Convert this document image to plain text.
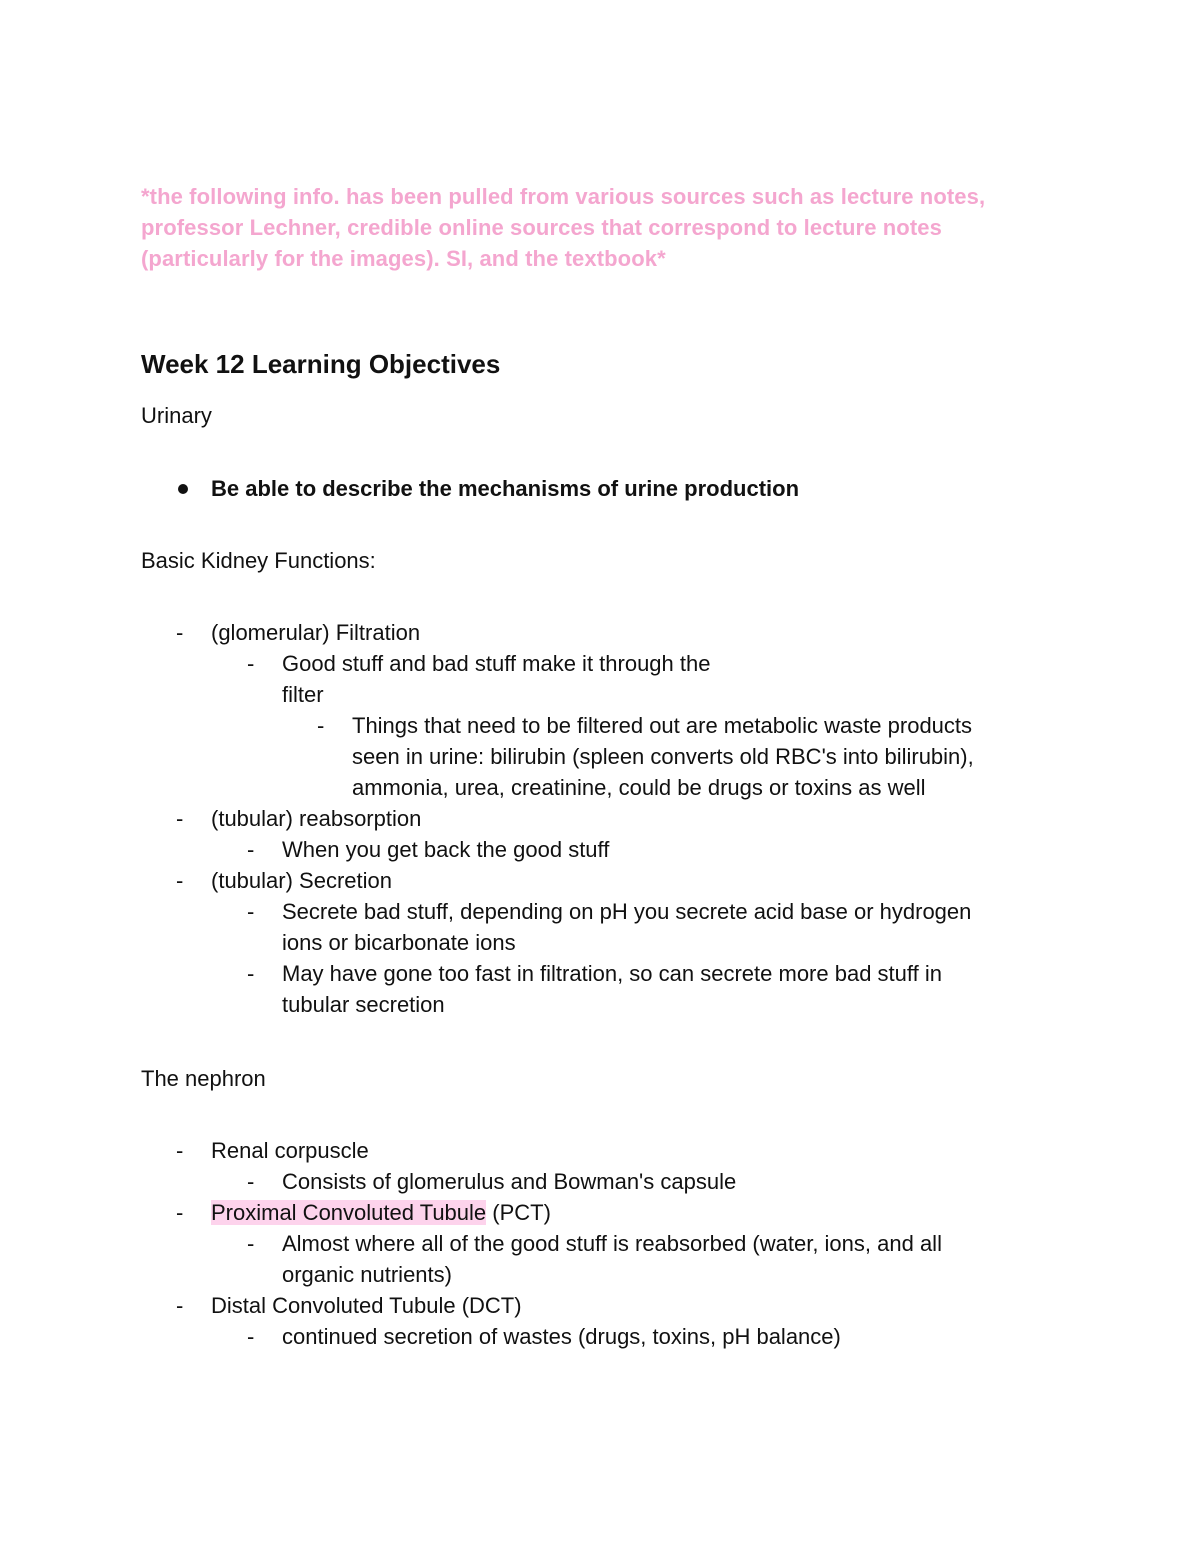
*the following info. has been pulled from various sources such as lecture notes,
professor Lechner, credible online sources that correspond to lecture notes
(particularly for the images). SI, and the textbook*
Week 12 Learning Objectives
Urinary
Be able to describe the mechanisms of urine production
Basic Kidney Functions:
- (glomerular) Filtration
- Good stuff and bad stuff make it through the
filter
- Things that need to be filtered out are metabolic waste products
seen in urine: bilirubin (spleen converts old RBC's into bilirubin),
ammonia, urea, creatinine, could be drugs or toxins as well
- (tubular) reabsorption
- When you get back the good stuff
- (tubular) Secretion
- Secrete bad stuff, depending on pH you secrete acid base or hydrogen
ions or bicarbonate ions
- May have gone too fast in filtration, so can secrete more bad stuff in
tubular secretion
The nephron
- Renal corpuscle
- Consists of glomerulus and Bowman's capsule
- Proximal Convoluted Tubule (PCT)
- Almost where all of the good stuff is reabsorbed (water, ions, and all
organic nutrients)
- Distal Convoluted Tubule (DCT)
- continued secretion of wastes (drugs, toxins, pH balance)
